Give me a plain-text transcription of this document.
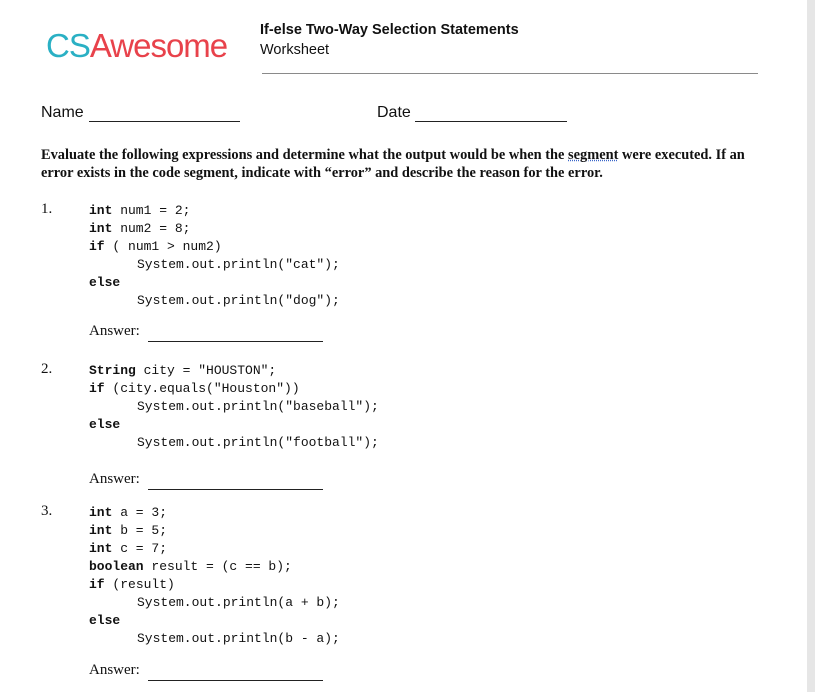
CSAwesome If-else Two-Way Selection Statements
Worksheet
Name	Date
Evaluate the following expressions and determine what the output would be when the segment were executed. If an error exists in the code segment, indicate with “error” and describe the reason for the error.
1.	int num1 = 2;
int num2 = 8;
if ( num1 > num2)
System.out.println("cat");
else
System.out.println("dog");
Answer:
2.	String city = "HOUSTON";
if (city.equals("Houston"))
System.out.println("baseball");
else
System.out.println("football");
Answer:
3.	int a = 3;
int b = 5;
int c = 7;
boolean result = (c == b);
if (result)
System.out.println(a + b);
else
System.out.println(b - a);
Answer:
